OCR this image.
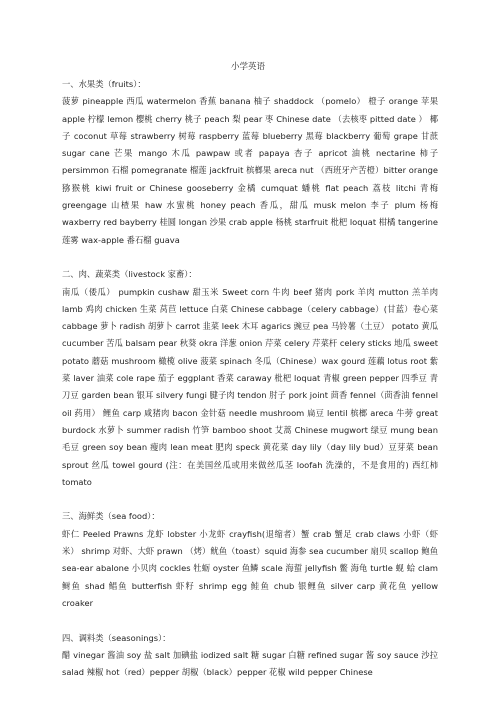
小学英语

一、水果类（fruits）：

菠萝 pineapple 西瓜 watermelon 香蕉 banana 柚子 shaddock （pomelo） 橙子 orange 苹果 apple 柠檬 lemon 樱桃 cherry 桃子 peach 梨 pear 枣 Chinese date （去核枣 pitted date ） 椰子 coconut 草莓 strawberry 树莓 raspberry 蓝莓 blueberry 黑莓 blackberry 葡萄 grape 甘蔗 sugar cane 芒果 mango 木瓜 pawpaw 或者 papaya 杏子 apricot 油桃 nectarine 柿子 persimmon 石榴 pomegranate 榴莲 jackfruit 槟榔果 areca nut （西班牙产苦橙）bitter orange 猕猴桃 kiwi fruit or Chinese gooseberry 金橘 cumquat 蟠桃 flat peach 荔枝 litchi 青梅 greengage 山楂果 haw 水蜜桃 honey peach 香瓜，甜瓜 musk melon 李子 plum 杨梅 waxberry red bayberry 桂圆 longan 沙果 crab apple 杨桃 starfruit 枇杷 loquat 柑橘 tangerine 莲雾 wax-apple 番石榴 guava

二、肉、蔬菜类（livestock 家畜）：

南瓜（倭瓜） pumpkin cushaw 甜玉米 Sweet corn 牛肉 beef 猪肉 pork 羊肉 mutton 羔羊肉 lamb 鸡肉 chicken 生菜 莴苣 lettuce 白菜 Chinese cabbage（celery cabbage）(甘蓝）卷心菜 cabbage 萝卜 radish 胡萝卜 carrot 韭菜 leek 木耳 agarics 豌豆 pea 马铃薯（土豆） potato 黄瓜 cucumber 苦瓜 balsam pear 秋葵 okra 洋葱 onion 芹菜 celery 芹菜杆 celery sticks 地瓜 sweet potato 蘑菇 mushroom 橄榄 olive 菠菜 spinach 冬瓜（Chinese）wax gourd 莲藕 lotus root 紫菜 laver 油菜 cole rape 茄子 eggplant 香菜 caraway 枇杷 loquat 青椒 green pepper 四季豆 青刀豆 garden bean 银耳 silvery fungi 腱子肉 tendon 肘子 pork joint 茴香 fennel（茴香油 fennel oil 药用） 鲤鱼 carp 咸猪肉 bacon 金针菇 needle mushroom 扁豆 lentil 槟榔 areca 牛蒡 great burdock 水萝卜 summer radish 竹笋 bamboo shoot 艾蒿 Chinese mugwort 绿豆 mung bean 毛豆 green soy bean 瘦肉 lean meat 肥肉 speck 黄花菜 day lily（day lily bud）豆芽菜 bean sprout 丝瓜 towel gourd (注：在美国丝瓜或用来做丝瓜茎 loofah 洗澡的，不是食用的) 西红柿 tomato

三、海鲜类（sea food）：

虾仁 Peeled Prawns 龙虾 lobster 小龙虾 crayfish(退缩者）蟹 crab 蟹足 crab claws 小虾（虾米） shrimp 对虾、大虾 prawn （烤）鱿鱼（toast）squid 海参 sea cucumber 扇贝 scallop 鲍鱼 sea-ear abalone 小贝肉 cockles 牡蛎 oyster 鱼鳞 scale 海蜇 jellyfish 鳖 海龟 turtle 蚬 蛤 clam 鲥鱼 shad 鲳鱼 butterfish 虾籽 shrimp egg 鲑鱼 chub 银鲤鱼 silver carp 黄花鱼 yellow croaker

四、调料类（seasonings）：

醋 vinegar 酱油 soy 盐 salt 加碘盐 iodized salt 糖 sugar 白糖 refined sugar 酱 soy sauce 沙拉 salad 辣椒 hot（red）pepper 胡椒（black）pepper 花椒 wild pepper Chinese
